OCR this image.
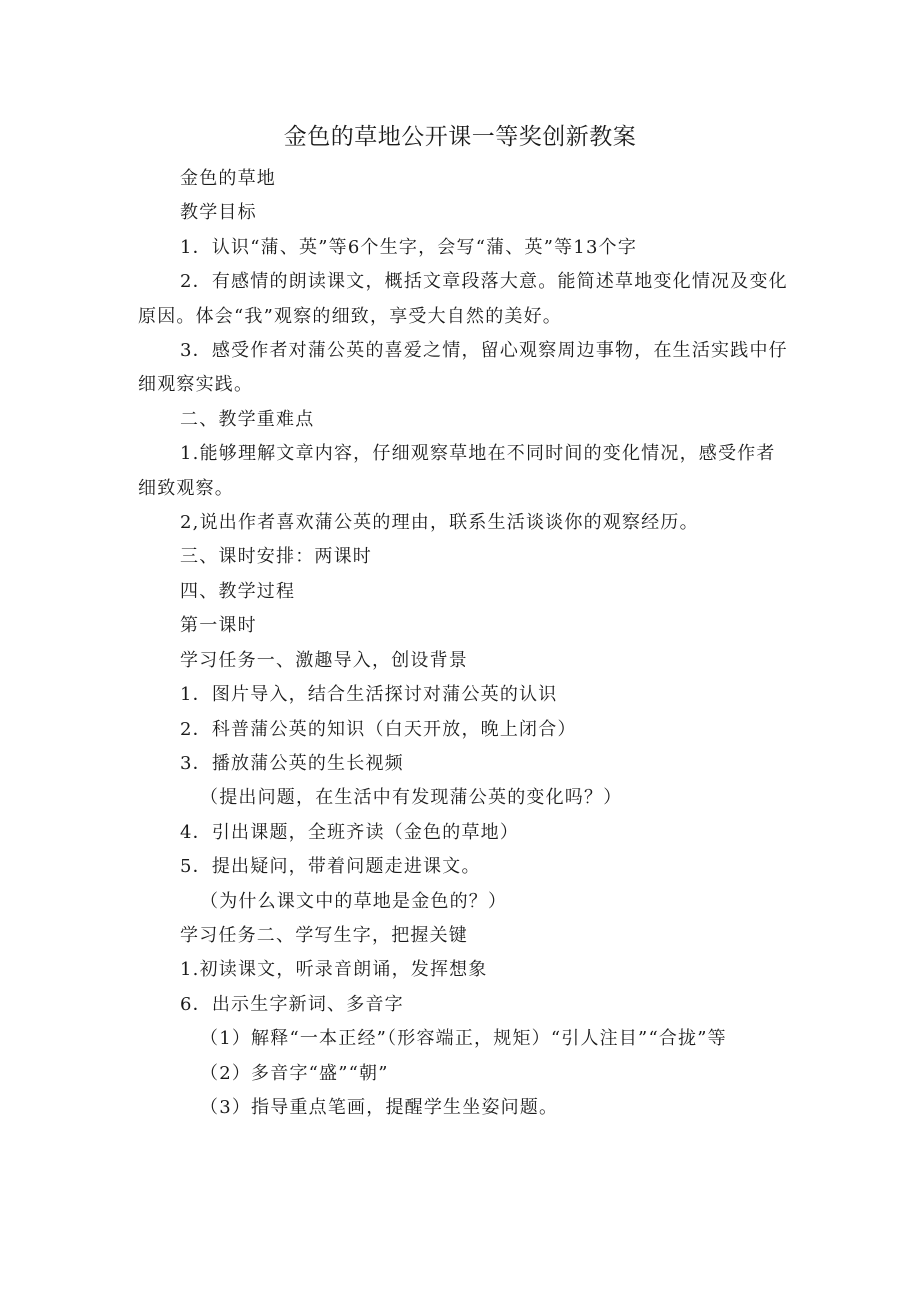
金色的草地公开课一等奖创新教案

金色的草地

教学目标

1．认识“蒲、英”等6个生字，会写“蒲、英”等13个字

2．有感情的朗读课文，概括文章段落大意。能简述草地变化情况及变化原因。体会“我”观察的细致，享受大自然的美好。

3．感受作者对蒲公英的喜爱之情，留心观察周边事物，在生活实践中仔细观察实践。

二、教学重难点

1.能够理解文章内容，仔细观察草地在不同时间的变化情况，感受作者细致观察。

2,说出作者喜欢蒲公英的理由，联系生活谈谈你的观察经历。

三、课时安排：两课时

四、教学过程

第一课时

学习任务一、激趣导入，创设背景

1．图片导入，结合生活探讨对蒲公英的认识

2．科普蒲公英的知识（白天开放，晚上闭合）

3．播放蒲公英的生长视频

（提出问题，在生活中有发现蒲公英的变化吗？）

4．引出课题，全班齐读（金色的草地）

5．提出疑问，带着问题走进课文。

（为什么课文中的草地是金色的？）

学习任务二、学写生字，把握关键

1.初读课文，听录音朗诵，发挥想象

6．出示生字新词、多音字

（1）解释“一本正经”（形容端正，规矩）“引人注目”“合拢”等

（2）多音字“盛”“朝”

（3）指导重点笔画，提醒学生坐姿问题。
